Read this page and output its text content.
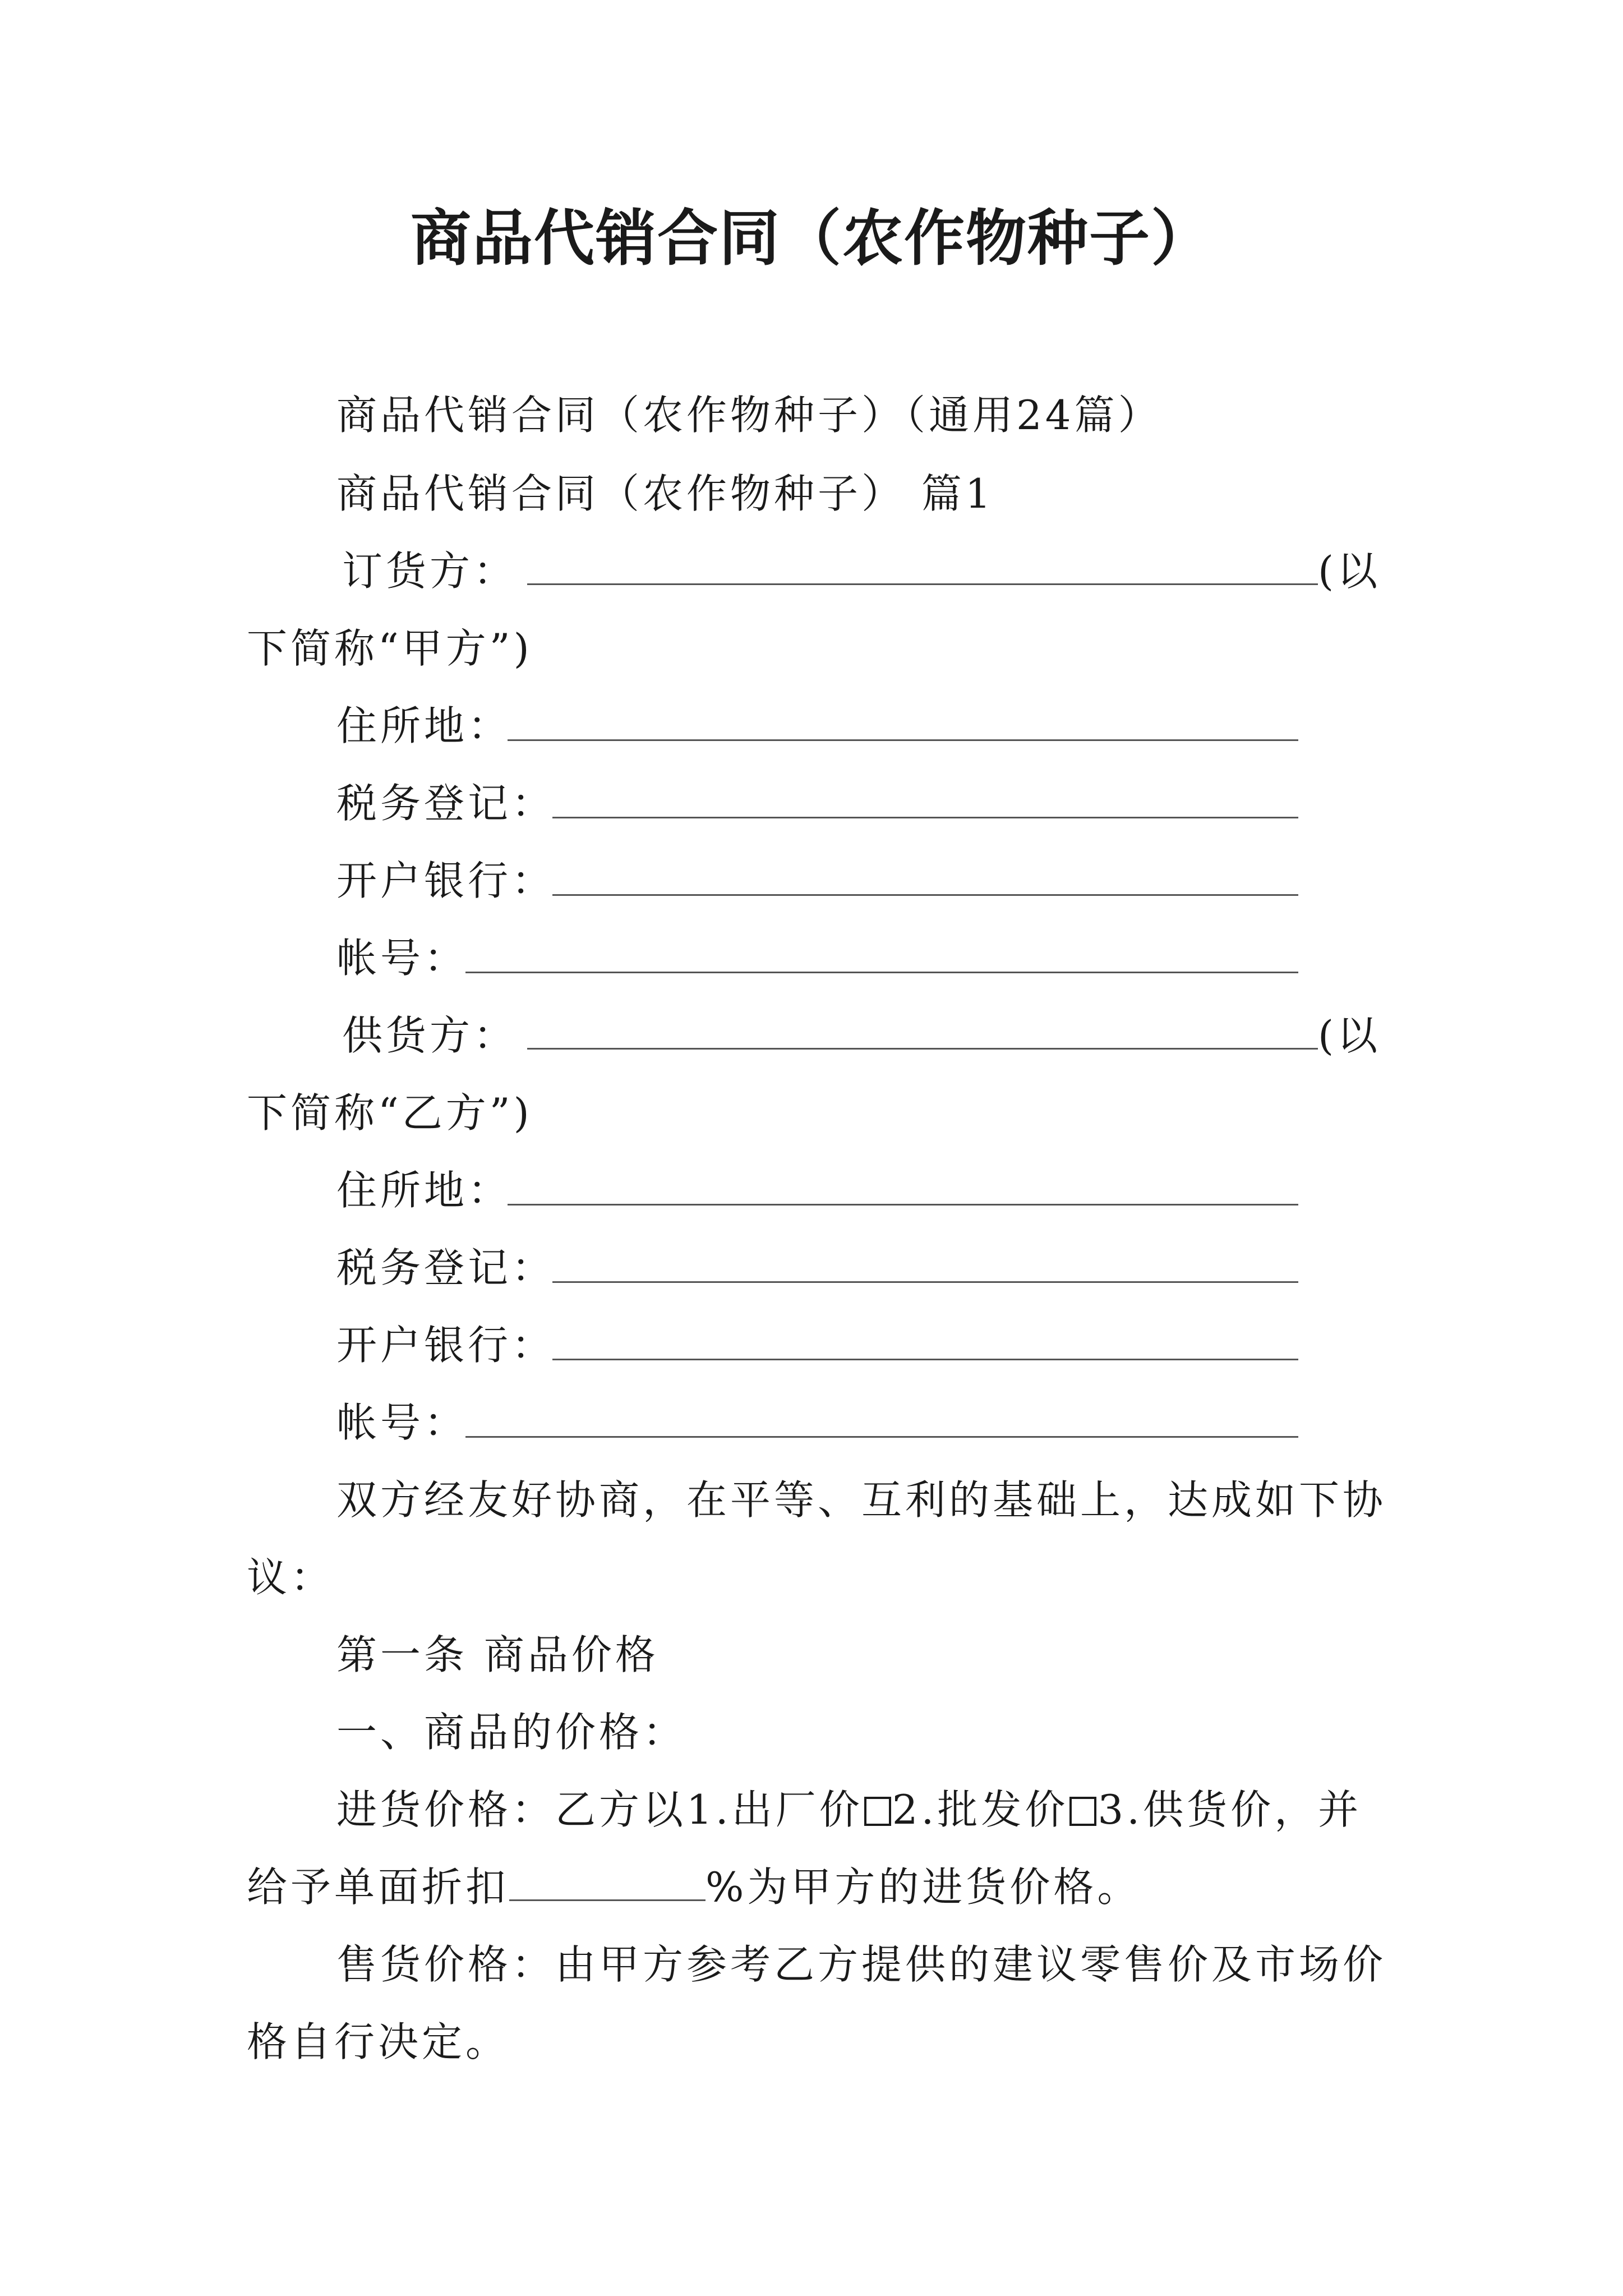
商品代销合同（农作物种子）

商品代销合同（农作物种子）（通用24篇）

商品代销合同（农作物种子） 篇1

订货方：	(以

下简称“甲方”)

住所地：

税务登记：

开户银行：

帐号：

供货方：	(以

下简称“乙方”)

住所地：

税务登记：

开户银行：

帐号：

双方经友好协商，在平等、互利的基础上，达成如下协

议：

第一条 商品价格

一、商品的价格：

进货价格：乙方以1.出厂价 2.批发价 3.供货价，并

给予单面折扣	%为甲方的进货价格。

售货价格：由甲方参考乙方提供的建议零售价及市场价

格自行决定。
